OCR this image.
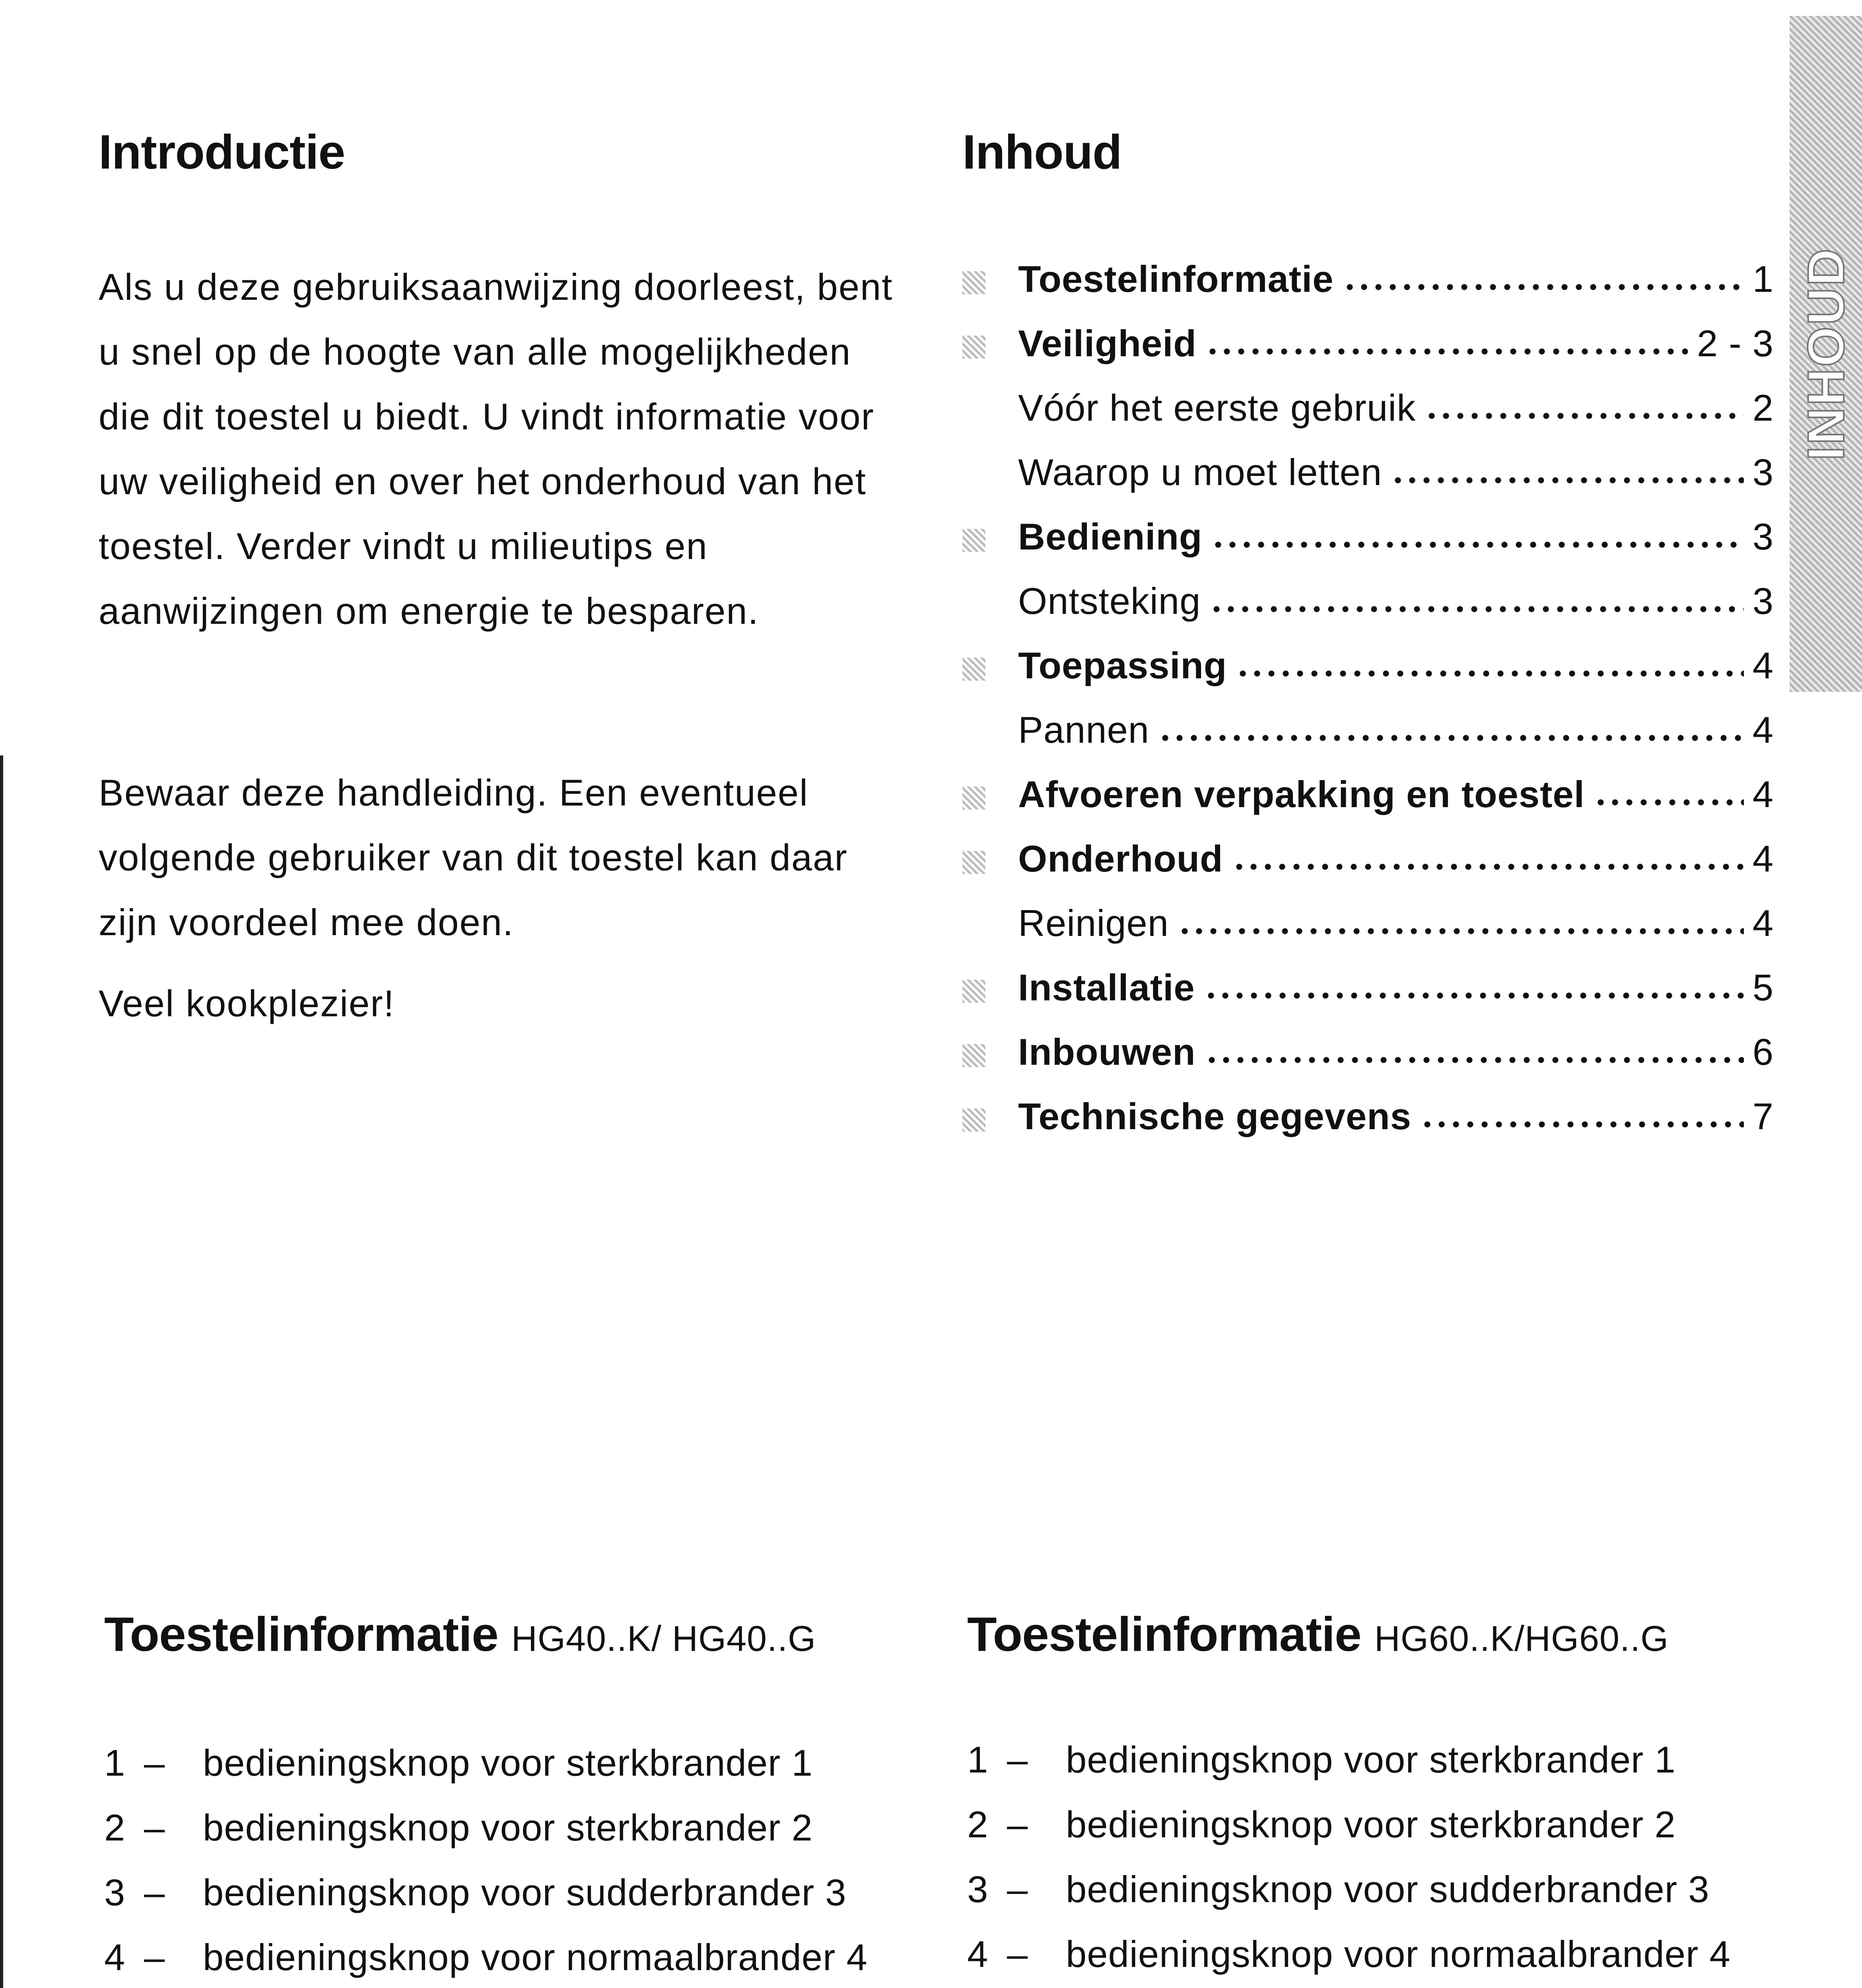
INHOUD
Introductie
Als u deze gebruiksaanwijzing doorleest, bent
u snel op de hoogte van alle mogelijkheden
die dit toestel u biedt. U vindt informatie voor
uw veiligheid en over het onderhoud van het
toestel. Verder vindt u milieutips en
aanwijzingen om energie te besparen.
Bewaar deze handleiding. Een eventueel
volgende gebruiker van dit toestel kan daar
zijn voordeel mee doen.
Veel kookplezier!
Inhoud
Toestelinformatie	1
Veiligheid	2 - 3
Vóór het eerste gebruik	2
Waarop u moet letten	3
Bediening	3
Ontsteking	3
Toepassing	4
Pannen	4
Afvoeren verpakking en toestel	4
Onderhoud	4
Reinigen	4
Installatie	5
Inbouwen	6
Technische gegevens	7
Toestelinformatie HG40..K/ HG40..G
1 – bedieningsknop voor sterkbrander 1
2 – bedieningsknop voor sterkbrander 2
3 – bedieningsknop voor sudderbrander 3
4 – bedieningsknop voor normaalbrander 4
Toestelinformatie HG60..K/HG60..G
1 – bedieningsknop voor sterkbrander 1
2 – bedieningsknop voor sterkbrander 2
3 – bedieningsknop voor sudderbrander 3
4 – bedieningsknop voor normaalbrander 4
